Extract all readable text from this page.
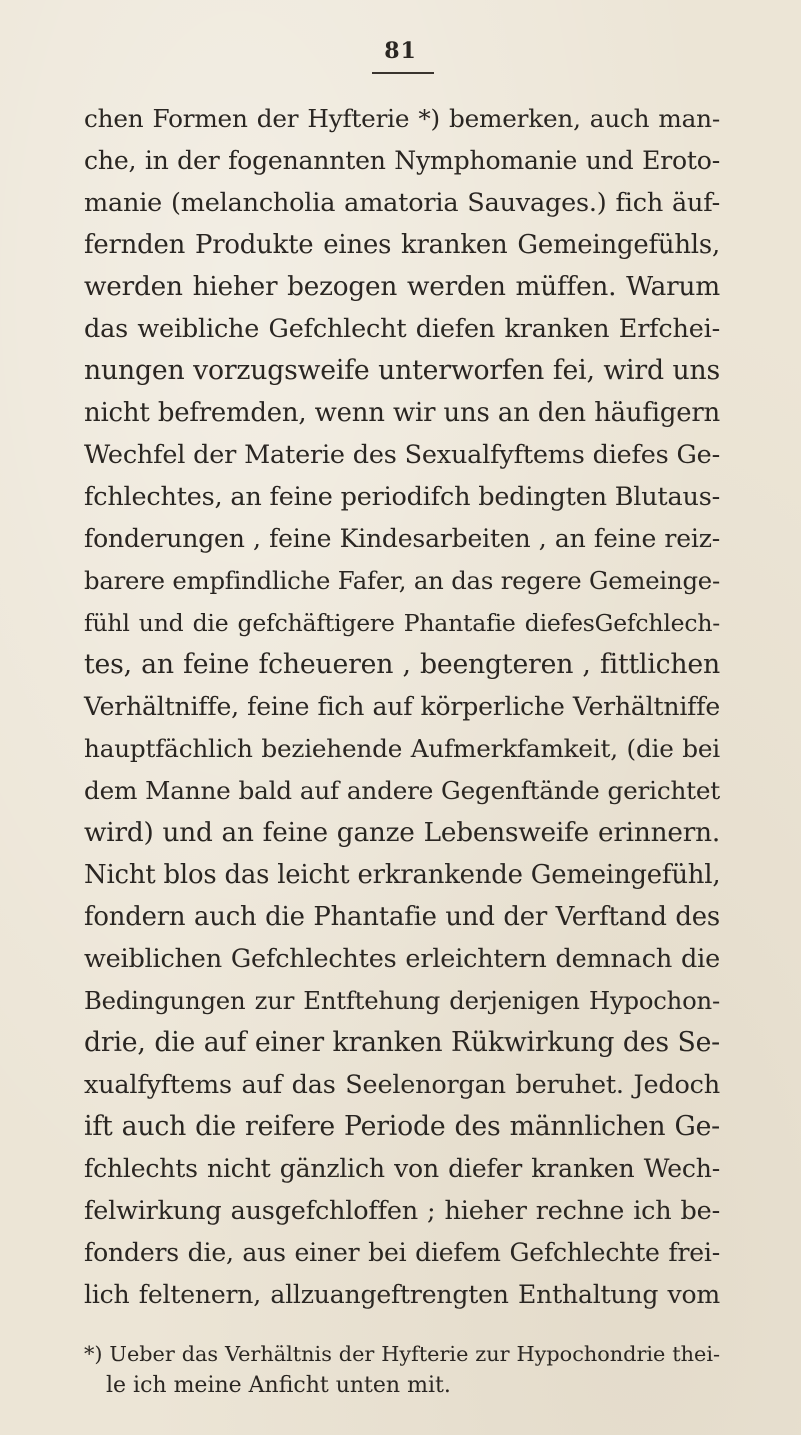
81
chen Formen der Hyfterie *) bemerken, auch man-
che, in der fogenannten Nymphomanie und Eroto-
manie (melancholia amatoria Sauvages.) fich äuf-
fernden Produkte eines kranken Gemeingefühls,
werden hieher bezogen werden müffen. Warum
das weibliche Gefchlecht diefen kranken Erfchei-
nungen vorzugsweife unterworfen fei, wird uns
nicht befremden, wenn wir uns an den häufigern
Wechfel der Materie des Sexualfyftems diefes Ge-
fchlechtes, an feine periodifch bedingten Blutaus-
fonderungen , feine Kindesarbeiten , an feine reiz-
barere empfindliche Fafer, an das regere Gemeinge-
fühl und die gefchäftigere Phantafie diefesGefchlech-
tes, an feine fcheueren , beengteren , fittlichen
Verhältniffe, feine fich auf körperliche Verhältniffe
hauptfächlich beziehende Aufmerkfamkeit, (die bei
dem Manne bald auf andere Gegenftände gerichtet
wird) und an feine ganze Lebensweife erinnern.
Nicht blos das leicht erkrankende Gemeingefühl,
fondern auch die Phantafie und der Verftand des
weiblichen Gefchlechtes erleichtern demnach die
Bedingungen zur Entftehung derjenigen Hypochon-
drie, die auf einer kranken Rükwirkung des Se-
xualfyftems auf das Seelenorgan beruhet. Jedoch
ift auch die reifere Periode des männlichen Ge-
fchlechts nicht gänzlich von diefer kranken Wech-
felwirkung ausgefchloffen ; hieher rechne ich be-
fonders die, aus einer bei diefem Gefchlechte frei-
lich feltenern, allzuangeftrengten Enthaltung vom
*) Ueber das Verhältnis der Hyfterie zur Hypochondrie thei-
le ich meine Anficht unten mit.
